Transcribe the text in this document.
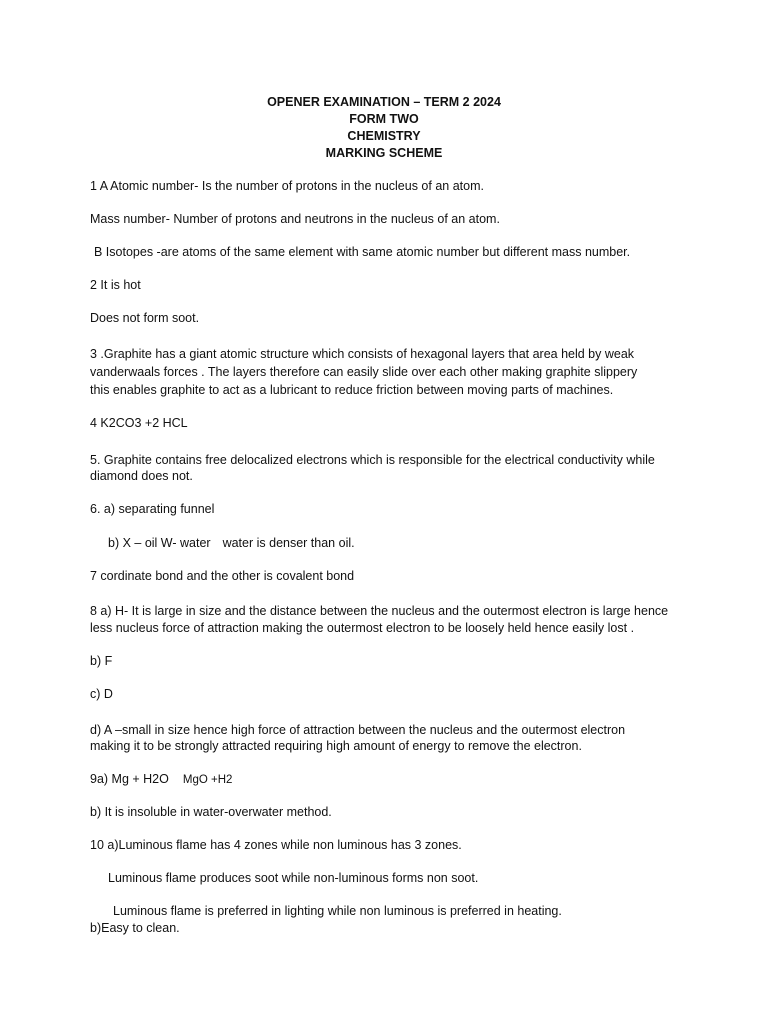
OPENER EXAMINATION – TERM 2 2024
FORM TWO
CHEMISTRY
MARKING SCHEME
1 A Atomic number- Is the number of protons in the nucleus of an atom.
Mass number- Number of protons and neutrons in the nucleus of an atom.
B Isotopes -are atoms of the same element with same atomic number but different mass number.
2 It is hot
Does not form soot.
3 .Graphite has a giant atomic structure which consists of hexagonal layers that area held by weak
vanderwaals forces . The layers therefore can easily slide over each other making graphite slippery
this enables graphite to act as a lubricant to reduce friction between moving parts of machines.
4 K2CO3 +2 HCL
5. Graphite contains free delocalized electrons which is responsible for the electrical conductivity while
diamond does not.
6. a) separating funnel
b) X – oil W- water water is denser than oil.
7 cordinate bond and the other is covalent bond
8 a) H- It is large in size and the distance between the nucleus and the outermost electron is large hence
less nucleus force of attraction making the outermost electron to be loosely held hence easily lost .
b) F
c) D
d) A –small in size hence high force of attraction between the nucleus and the outermost electron
making it to be strongly attracted requiring high amount of energy to remove the electron.
9a) Mg + H2O MgO +H2
b) It is insoluble in water-overwater method.
10 a)Luminous flame has 4 zones while non luminous has 3 zones.
Luminous flame produces soot while non-luminous forms non soot.
Luminous flame is preferred in lighting while non luminous is preferred in heating.
b)Easy to clean.
